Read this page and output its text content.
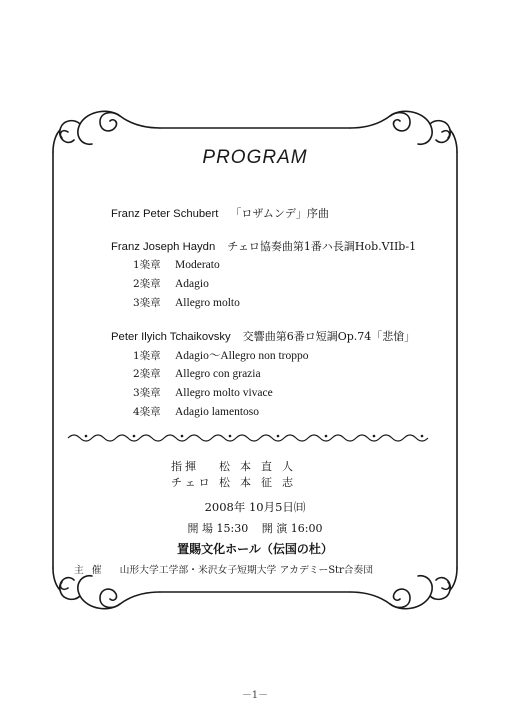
PROGRAM
Franz Peter Schubert 「ロザムンデ」序曲
Franz Joseph Haydn チェロ協奏曲第1番ハ長調Hob.VIIb-1
1楽章 Moderato
2楽章 Adagio
3楽章 Allegro molto
Peter Ilyich Tchaikovsky 交響曲第6番ロ短調Op.74「悲愴」
1楽章 Adagio〜Allegro non troppo
2楽章 Allegro con grazia
3楽章 Allegro molto vivace
4楽章 Adagio lamentoso
指揮 松本直人
チェロ 松本征志
2008年 10月5日㈰
開 場 15:30 開 演 16:00
置賜文化ホール（伝国の杜）
主催 山形大学工学部・米沢女子短期大学 アカデミーStr合奏団
－1－
